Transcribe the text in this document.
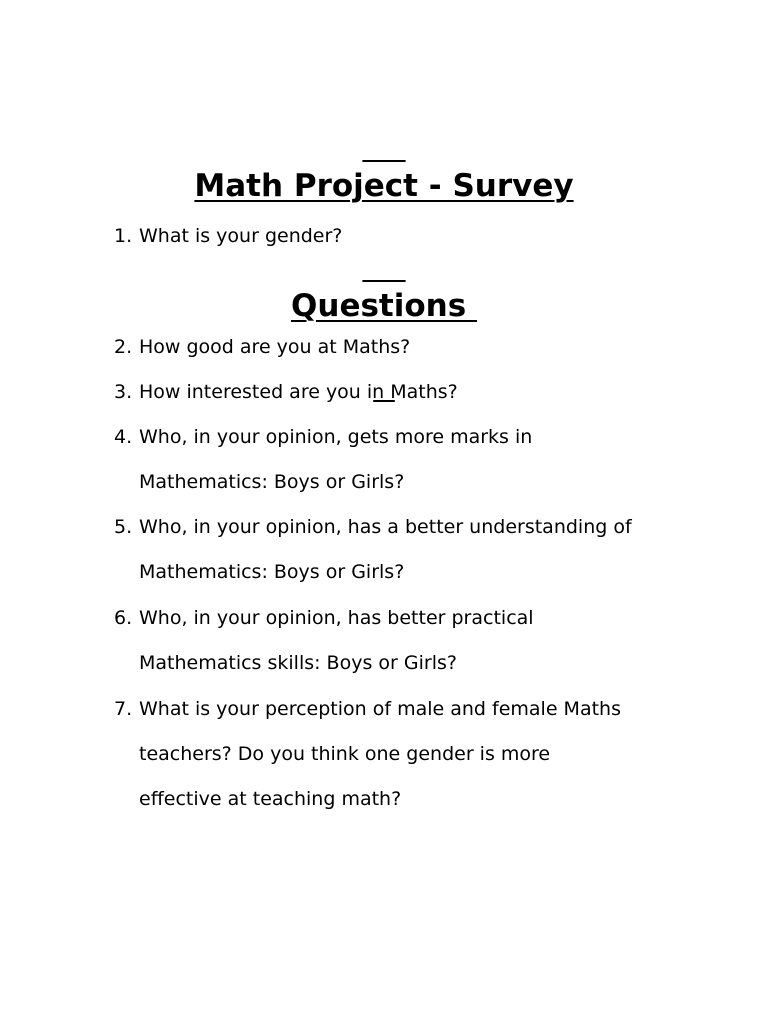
Math Project - Survey

Questions

1. What is your gender?
2. How good are you at Maths?
3. How interested are you in Maths?
4. Who, in your opinion, gets more marks in
Mathematics: Boys or Girls?
5. Who, in your opinion, has a better understanding of
Mathematics: Boys or Girls?
6. Who, in your opinion, has better practical
Mathematics skills: Boys or Girls?
7. What is your perception of male and female Maths
teachers? Do you think one gender is more
effective at teaching math?
